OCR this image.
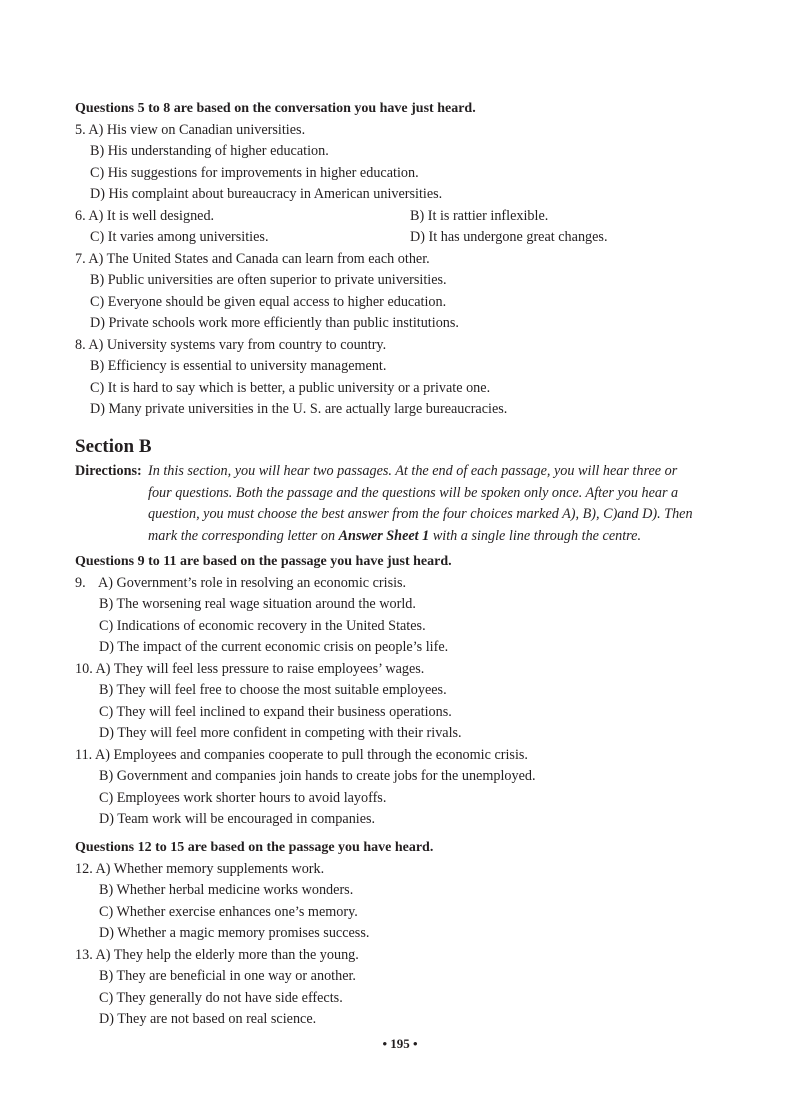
Questions 5 to 8 are based on the conversation you have just heard.
5. A) His view on Canadian universities.
B) His understanding of higher education.
C) His suggestions for improvements in higher education.
D) His complaint about bureaucracy in American universities.
6. A) It is well designed.	B) It is rattier inflexible.
C) It varies among universities.	D) It has undergone great changes.
7. A) The United States and Canada can learn from each other.
B) Public universities are often superior to private universities.
C) Everyone should be given equal access to higher education.
D) Private schools work more efficiently than public institutions.
8. A) University systems vary from country to country.
B) Efficiency is essential to university management.
C) It is hard to say which is better, a public university or a private one.
D) Many private universities in the U. S. are actually large bureaucracies.
Section B
Directions: In this section, you will hear two passages. At the end of each passage, you will hear three or
four questions. Both the passage and the questions will be spoken only once. After you hear a
question, you must choose the best answer from the four choices marked A), B), C)and D). Then
mark the corresponding letter on Answer Sheet 1 with a single line through the centre.
Questions 9 to 11 are based on the passage you have just heard.
9. A) Government’s role in resolving an economic crisis.
B) The worsening real wage situation around the world.
C) Indications of economic recovery in the United States.
D) The impact of the current economic crisis on people’s life.
10. A) They will feel less pressure to raise employees’ wages.
B) They will feel free to choose the most suitable employees.
C) They will feel inclined to expand their business operations.
D) They will feel more confident in competing with their rivals.
11. A) Employees and companies cooperate to pull through the economic crisis.
B) Government and companies join hands to create jobs for the unemployed.
C) Employees work shorter hours to avoid layoffs.
D) Team work will be encouraged in companies.
Questions 12 to 15 are based on the passage you have heard.
12. A) Whether memory supplements work.
B) Whether herbal medicine works wonders.
C) Whether exercise enhances one’s memory.
D) Whether a magic memory promises success.
13. A) They help the elderly more than the young.
B) They are beneficial in one way or another.
C) They generally do not have side effects.
D) They are not based on real science.
• 195 •
